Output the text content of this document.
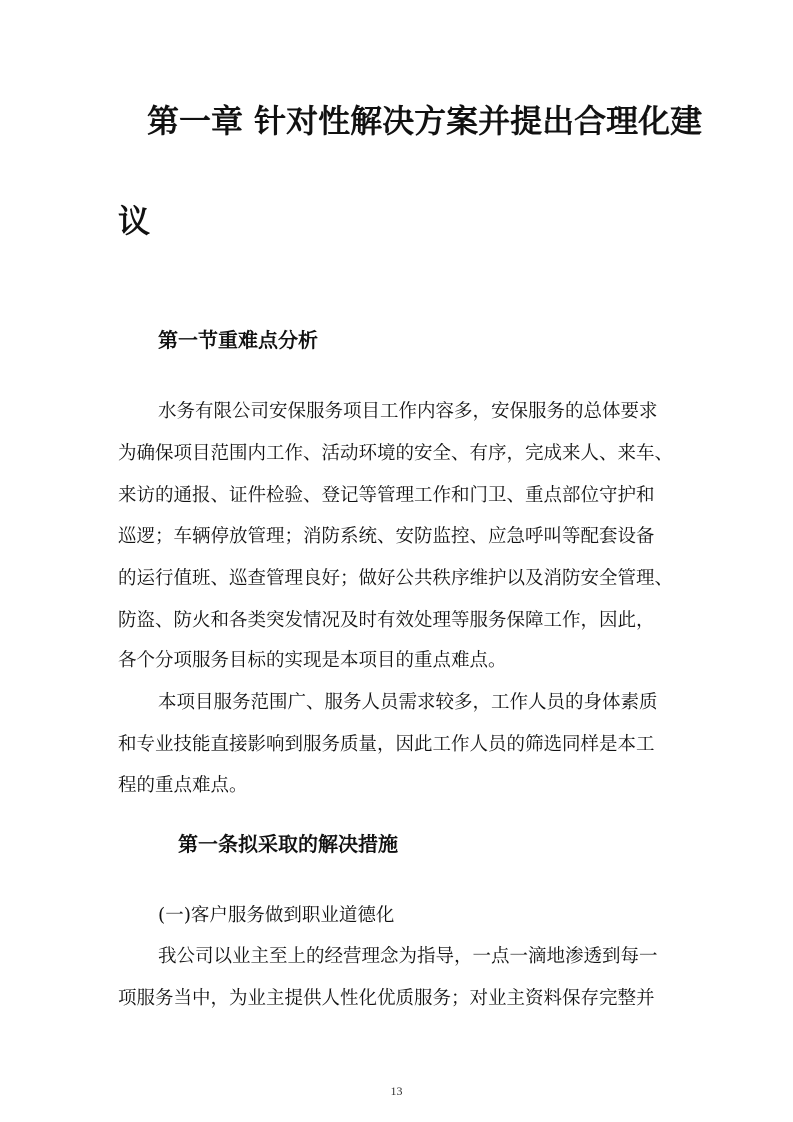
第一章 针对性解决方案并提出合理化建
议
第一节重难点分析

水务有限公司安保服务项目工作内容多，安保服务的总体要求

为确保项目范围内工作、活动环境的安全、有序，完成来人、来车、

来访的通报、证件检验、登记等管理工作和门卫、重点部位守护和

巡逻；车辆停放管理；消防系统、安防监控、应急呼叫等配套设备

的运行值班、巡查管理良好；做好公共秩序维护以及消防安全管理、

防盗、防火和各类突发情况及时有效处理等服务保障工作，因此，

各个分项服务目标的实现是本项目的重点难点。

本项目服务范围广、服务人员需求较多，工作人员的身体素质

和专业技能直接影响到服务质量，因此工作人员的筛选同样是本工

程的重点难点。

第一条拟采取的解决措施

(一)客户服务做到职业道德化

我公司以业主至上的经营理念为指导，一点一滴地渗透到每一

项服务当中，为业主提供人性化优质服务；对业主资料保存完整并

13
